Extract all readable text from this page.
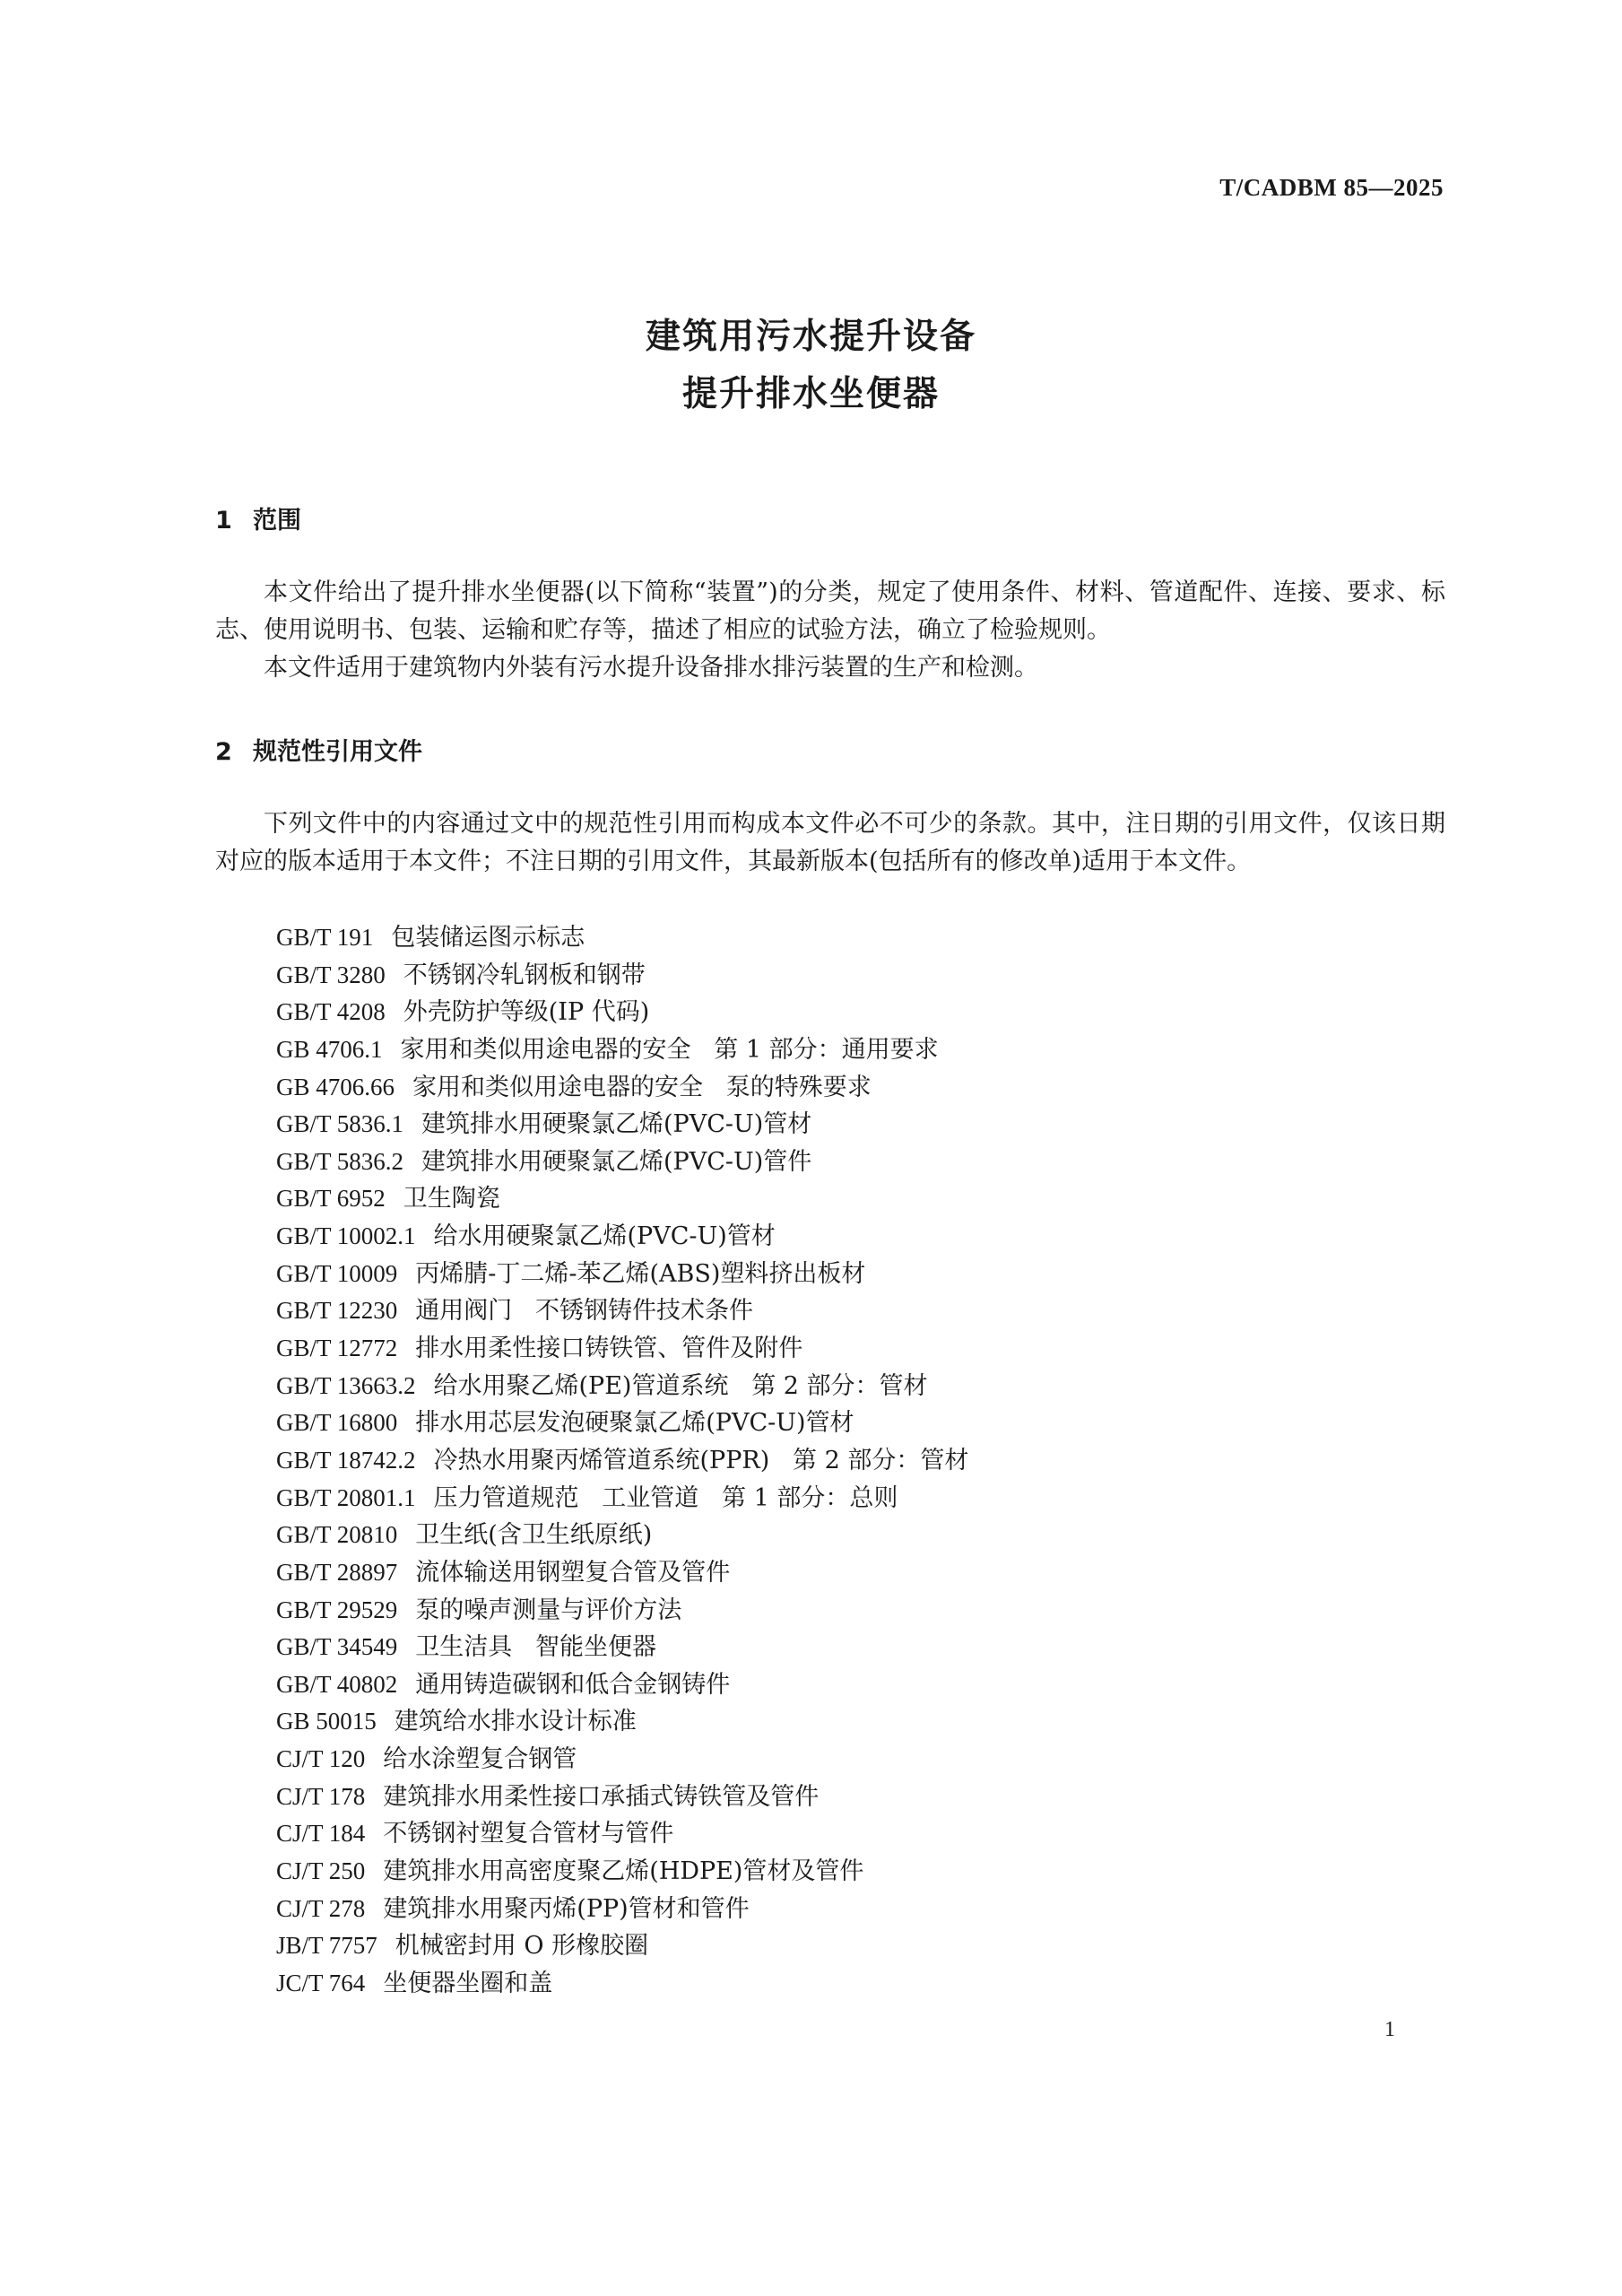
T/CADBM 85—2025
建筑用污水提升设备
提升排水坐便器
1 范围
本文件给出了提升排水坐便器(以下简称“装置”)的分类，规定了使用条件、材料、管道配件、连接、要求、标志、使用说明书、包装、运输和贮存等，描述了相应的试验方法，确立了检验规则。
本文件适用于建筑物内外装有污水提升设备排水排污装置的生产和检测。
2 规范性引用文件
下列文件中的内容通过文中的规范性引用而构成本文件必不可少的条款。其中，注日期的引用文件，仅该日期对应的版本适用于本文件；不注日期的引用文件，其最新版本(包括所有的修改单)适用于本文件。
GB/T 191 包装储运图示标志
GB/T 3280 不锈钢冷轧钢板和钢带
GB/T 4208 外壳防护等级(IP 代码)
GB 4706.1 家用和类似用途电器的安全   第 1 部分：通用要求
GB 4706.66 家用和类似用途电器的安全   泵的特殊要求
GB/T 5836.1 建筑排水用硬聚氯乙烯(PVC-U)管材
GB/T 5836.2 建筑排水用硬聚氯乙烯(PVC-U)管件
GB/T 6952 卫生陶瓷
GB/T 10002.1 给水用硬聚氯乙烯(PVC-U)管材
GB/T 10009 丙烯腈-丁二烯-苯乙烯(ABS)塑料挤出板材
GB/T 12230 通用阀门   不锈钢铸件技术条件
GB/T 12772 排水用柔性接口铸铁管、管件及附件
GB/T 13663.2 给水用聚乙烯(PE)管道系统   第 2 部分：管材
GB/T 16800 排水用芯层发泡硬聚氯乙烯(PVC-U)管材
GB/T 18742.2 冷热水用聚丙烯管道系统(PPR)   第 2 部分：管材
GB/T 20801.1 压力管道规范   工业管道   第 1 部分：总则
GB/T 20810 卫生纸(含卫生纸原纸)
GB/T 28897 流体输送用钢塑复合管及管件
GB/T 29529 泵的噪声测量与评价方法
GB/T 34549 卫生洁具   智能坐便器
GB/T 40802 通用铸造碳钢和低合金钢铸件
GB 50015 建筑给水排水设计标准
CJ/T 120 给水涂塑复合钢管
CJ/T 178 建筑排水用柔性接口承插式铸铁管及管件
CJ/T 184 不锈钢衬塑复合管材与管件
CJ/T 250 建筑排水用高密度聚乙烯(HDPE)管材及管件
CJ/T 278 建筑排水用聚丙烯(PP)管材和管件
JB/T 7757 机械密封用 O 形橡胶圈
JC/T 764 坐便器坐圈和盖
1
